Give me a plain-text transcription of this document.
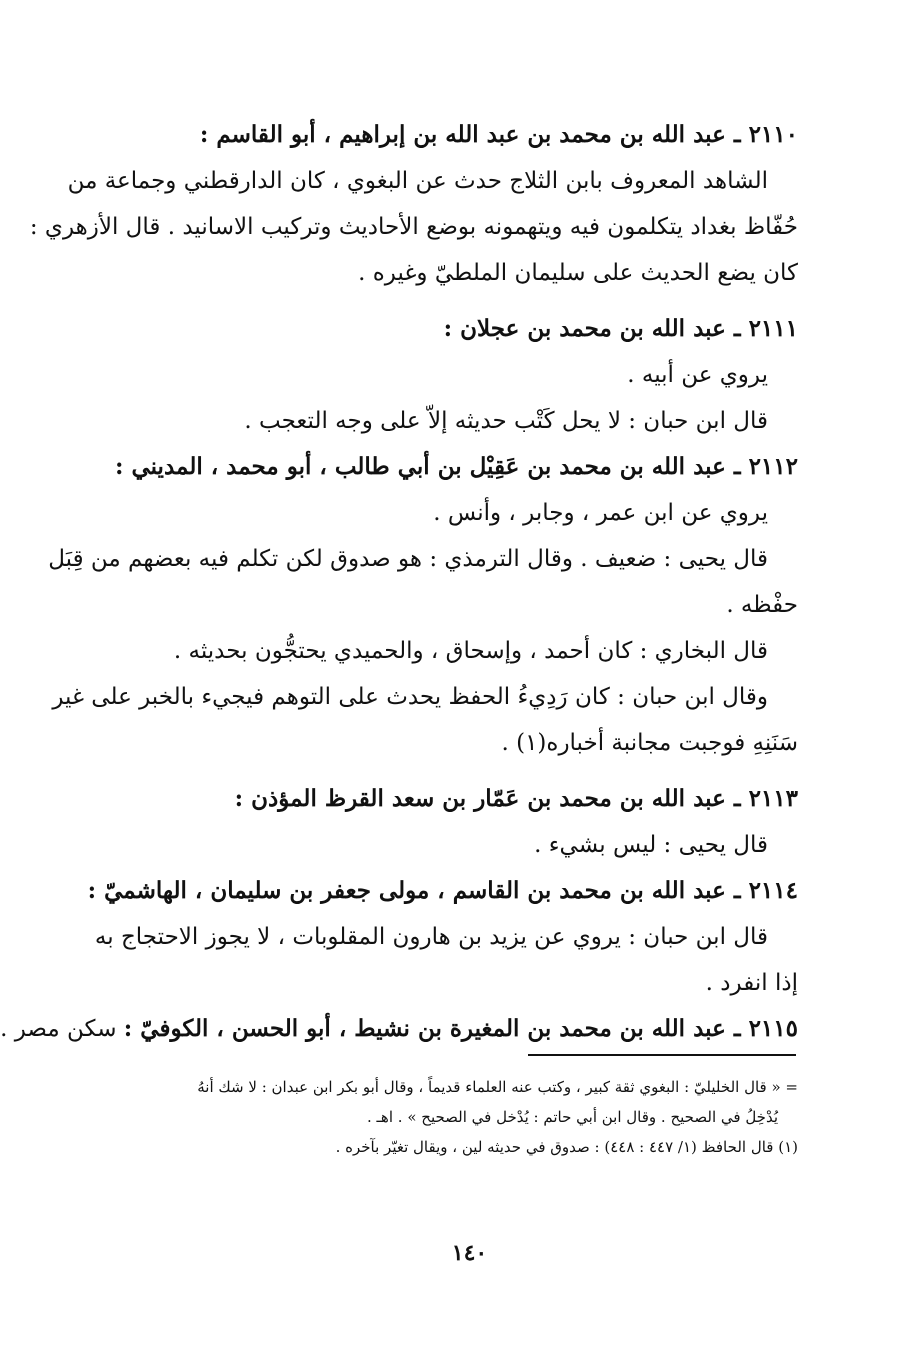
٢١١٠ ـ عبد الله بن محمد بن عبد الله بن إبراهيم ، أبو القاسم :
الشاهد المعروف بابن الثلاج حدث عن البغوي ، كان الدارقطني وجماعة من
حُفّاظ بغداد يتكلمون فيه ويتهمونه بوضع الأحاديث وتركيب الاسانيد . قال الأزهري :
كان يضع الحديث على سليمان الملطيّ وغيره .
٢١١١ ـ عبد الله بن محمد بن عجلان :
يروي عن أبيه .
قال ابن حبان : لا يحل كَتْب حديثه إلاّ على وجه التعجب .
٢١١٢ ـ عبد الله بن محمد بن عَقِيْل بن أبي طالب ، أبو محمد ، المديني :
يروي عن ابن عمر ، وجابر ، وأنس .
قال يحيى : ضعيف . وقال الترمذي : هو صدوق لكن تكلم فيه بعضهم من قِبَل
حفْظه .
قال البخاري : كان أحمد ، وإسحاق ، والحميدي يحتجُّون بحديثه .
وقال ابن حبان : كان رَدِيءُ الحفظ يحدث على التوهم فيجيء بالخبر على غير
سَنَنِهِ فوجبت مجانبة أخباره(١) .
٢١١٣ ـ عبد الله بن محمد بن عَمّار بن سعد القرظ المؤذن :
قال يحيى : ليس بشيء .
٢١١٤ ـ عبد الله بن محمد بن القاسم ، مولى جعفر بن سليمان ، الهاشميّ :
قال ابن حبان : يروي عن يزيد بن هارون المقلوبات ، لا يجوز الاحتجاج به
إذا انفرد .
٢١١٥ ـ عبد الله بن محمد بن المغيرة بن نشيط ، أبو الحسن ، الكوفيّ : سكن مصر .
= « قال الخليليّ : البغوي ثقة كبير ، وكتب عنه العلماء قديماً ، وقال أبو بكر ابن عبدان : لا شك أنهُ
يُدْخِلُ في الصحيح . وقال ابن أبي حاتم : يُدْخل في الصحيح » . اهـ .
(١) قال الحافظ (١/ ٤٤٧ : ٤٤٨) : صدوق في حديثه لين ، ويقال تغيّر بآخره .
١٤٠
